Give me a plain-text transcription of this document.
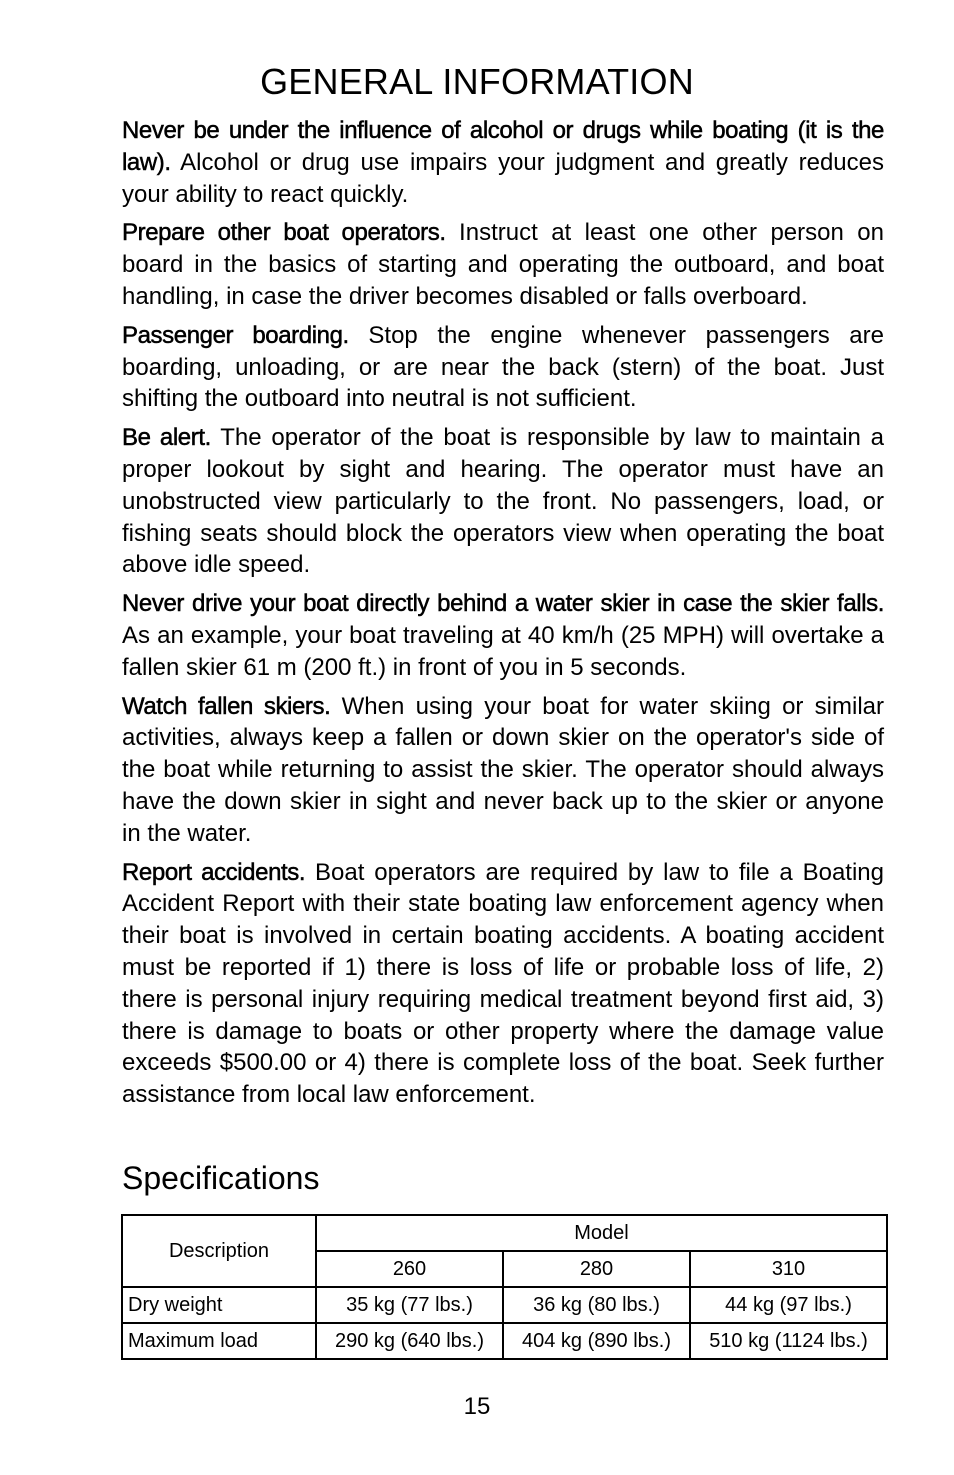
GENERAL INFORMATION

Never be under the influence of alcohol or drugs while boating (it is the law). Alcohol or drug use impairs your judgment and greatly reduces your ability to react quickly.

Prepare other boat operators. Instruct at least one other person on board in the basics of starting and operating the outboard, and boat handling, in case the driver becomes disabled or falls overboard.

Passenger boarding. Stop the engine whenever passengers are boarding, unloading, or are near the back (stern) of the boat. Just shifting the outboard into neutral is not sufficient.

Be alert. The operator of the boat is responsible by law to maintain a proper lookout by sight and hearing. The operator must have an unobstructed view particularly to the front. No passengers, load, or fishing seats should block the operators view when operating the boat above idle speed.

Never drive your boat directly behind a water skier in case the skier falls. As an example, your boat traveling at 40 km/h (25 MPH) will overtake a fallen skier 61 m (200 ft.) in front of you in 5 seconds.

Watch fallen skiers. When using your boat for water skiing or similar activities, always keep a fallen or down skier on the operator's side of the boat while returning to assist the skier. The operator should always have the down skier in sight and never back up to the skier or anyone in the water.

Report accidents. Boat operators are required by law to file a Boating Accident Report with their state boating law enforcement agency when their boat is involved in certain boating accidents. A boating accident must be reported if 1) there is loss of life or probable loss of life, 2) there is personal injury requiring medical treatment beyond first aid, 3) there is damage to boats or other property where the damage value exceeds $500.00 or 4) there is complete loss of the boat. Seek further assistance from local law enforcement.

Specifications
Description	Model		
	260	280	310
Dry weight	35 kg (77 lbs.)	36 kg (80 lbs.)	44 kg (97 lbs.)
Maximum load	290 kg (640 lbs.)	404 kg (890 lbs.)	510 kg (1124 lbs.)
15
